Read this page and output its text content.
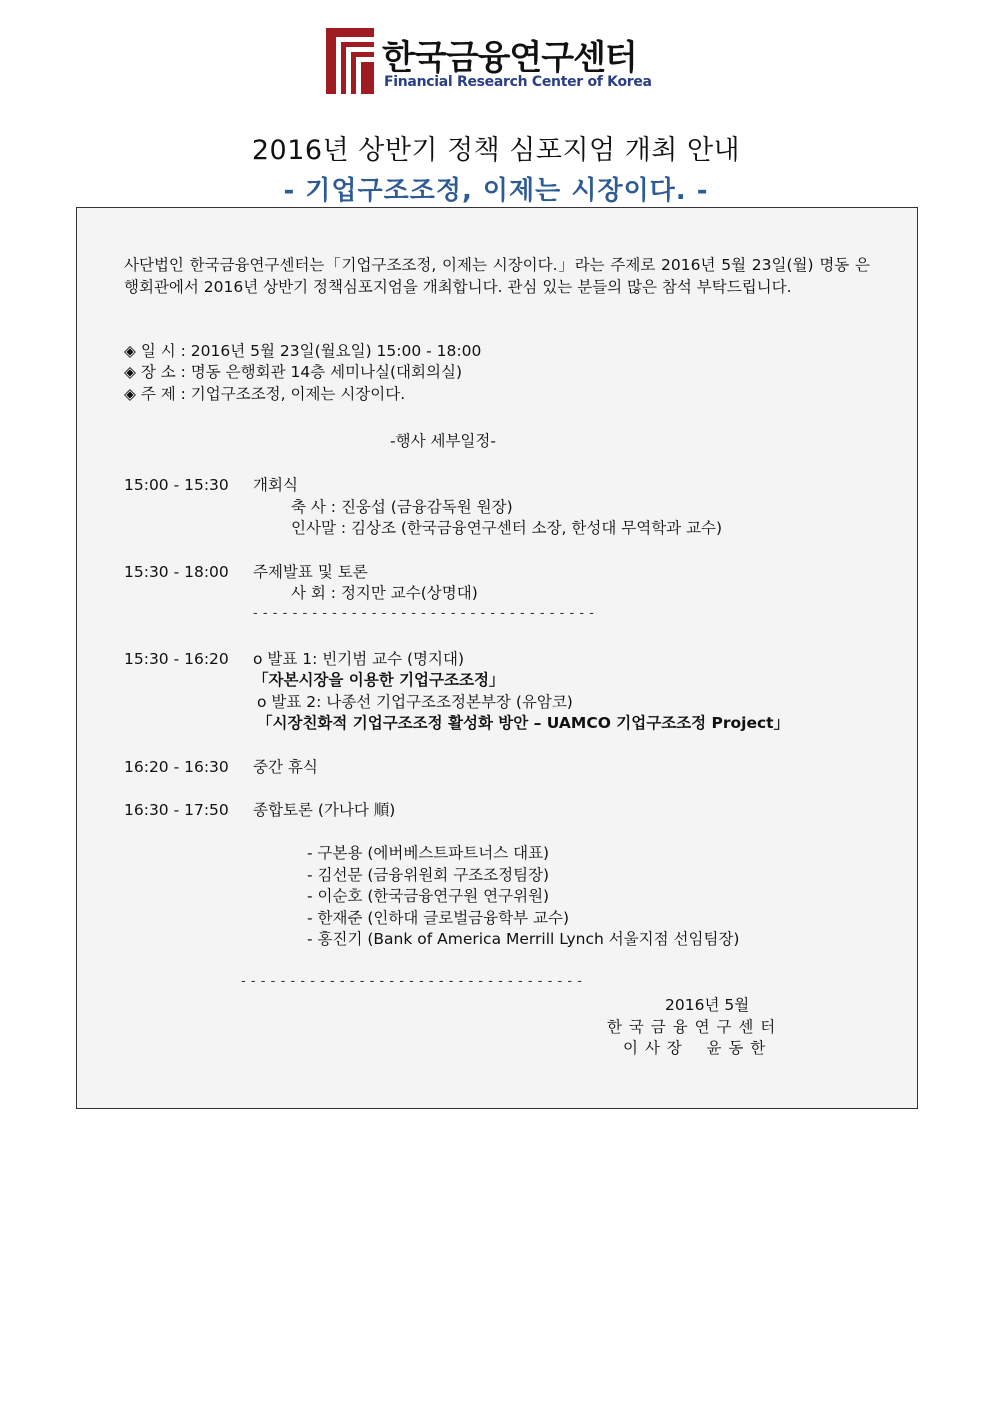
한국금융연구센터
Financial Research Center of Korea
2016년 상반기 정책 심포지엄 개최 안내
- 기업구조조정, 이제는 시장이다. -
사단법인 한국금융연구센터는「기업구조조정, 이제는 시장이다.」라는 주제로 2016년 5월 23일(월) 명동 은행회관에서 2016년 상반기 정책심포지엄을 개최합니다. 관심 있는 분들의 많은 참석 부탁드립니다.
◈ 일 시 : 2016년 5월 23일(월요일) 15:00 - 18:00
◈ 장 소 : 명동 은행회관 14층 세미나실(대회의실)
◈ 주 제 : 기업구조조정, 이제는 시장이다.
-행사 세부일정-
15:00 - 15:30 개회식
축 사 : 진웅섭 (금융감독원 원장)
인사말 : 김상조 (한국금융연구센터 소장, 한성대 무역학과 교수)
15:30 - 18:00 주제발표 및 토론
사 회 : 정지만 교수(상명대)
-----------------------------------
15:30 - 16:20 o 발표 1: 빈기범 교수 (명지대)
「자본시장을 이용한 기업구조조정」
o 발표 2: 나종선 기업구조조정본부장 (유암코)
「시장친화적 기업구조조정 활성화 방안 – UAMCO 기업구조조정 Project」
16:20 - 16:30 중간 휴식
16:30 - 17:50 종합토론 (가나다 順)
- 구본용 (에버베스트파트너스 대표)
- 김선문 (금융위원회 구조조정팀장)
- 이순호 (한국금융연구원 연구위원)
- 한재준 (인하대 글로벌금융학부 교수)
- 홍진기 (Bank of America Merrill Lynch 서울지점 선임팀장)
-----------------------------------
2016년 5월
한 국 금 융 연 구 센 터
이 사 장    윤 동 한
